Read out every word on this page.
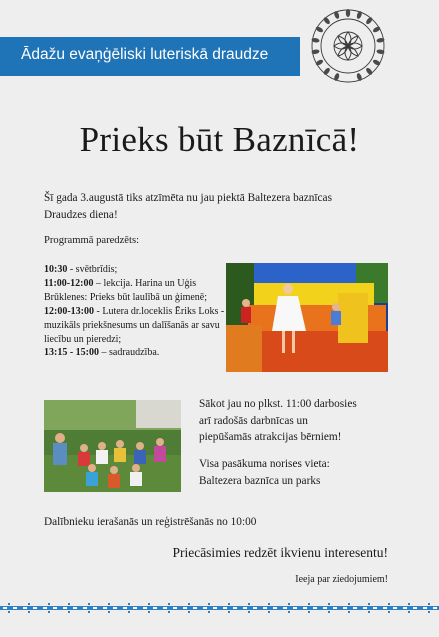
Ādažu evaņģēliski luteriskā draudze
Prieks būt Baznīcā!
Šī gada 3.augustā tiks atzīmēta nu jau piektā Baltezera baznīcas
Draudzes diena!
Programmā paredzēts:
10:30 - svētbrīdis;
11:00-12:00 – lekcija. Harina un Uģis Brūklenes: Prieks būt laulībā un ģimenē;
12:00-13:00 - Lutera dr.loceklis Ēriks Loks - muzikāls priekšnesums un dalīšanās ar savu liecību un pieredzi;
13:15 - 15:00 – sadraudzība.
Sākot jau no plkst. 11:00 darbosies
arī radošās darbnīcas un
piepūšamās atrakcijas bērniem!
Visa pasākuma norises vieta:
Baltezera baznīca un parks
Dalībnieku ierašanās un reģistrēšanās no 10:00
Priecāsimies redzēt ikvienu interesentu!
Ieeja par ziedojumiem!
